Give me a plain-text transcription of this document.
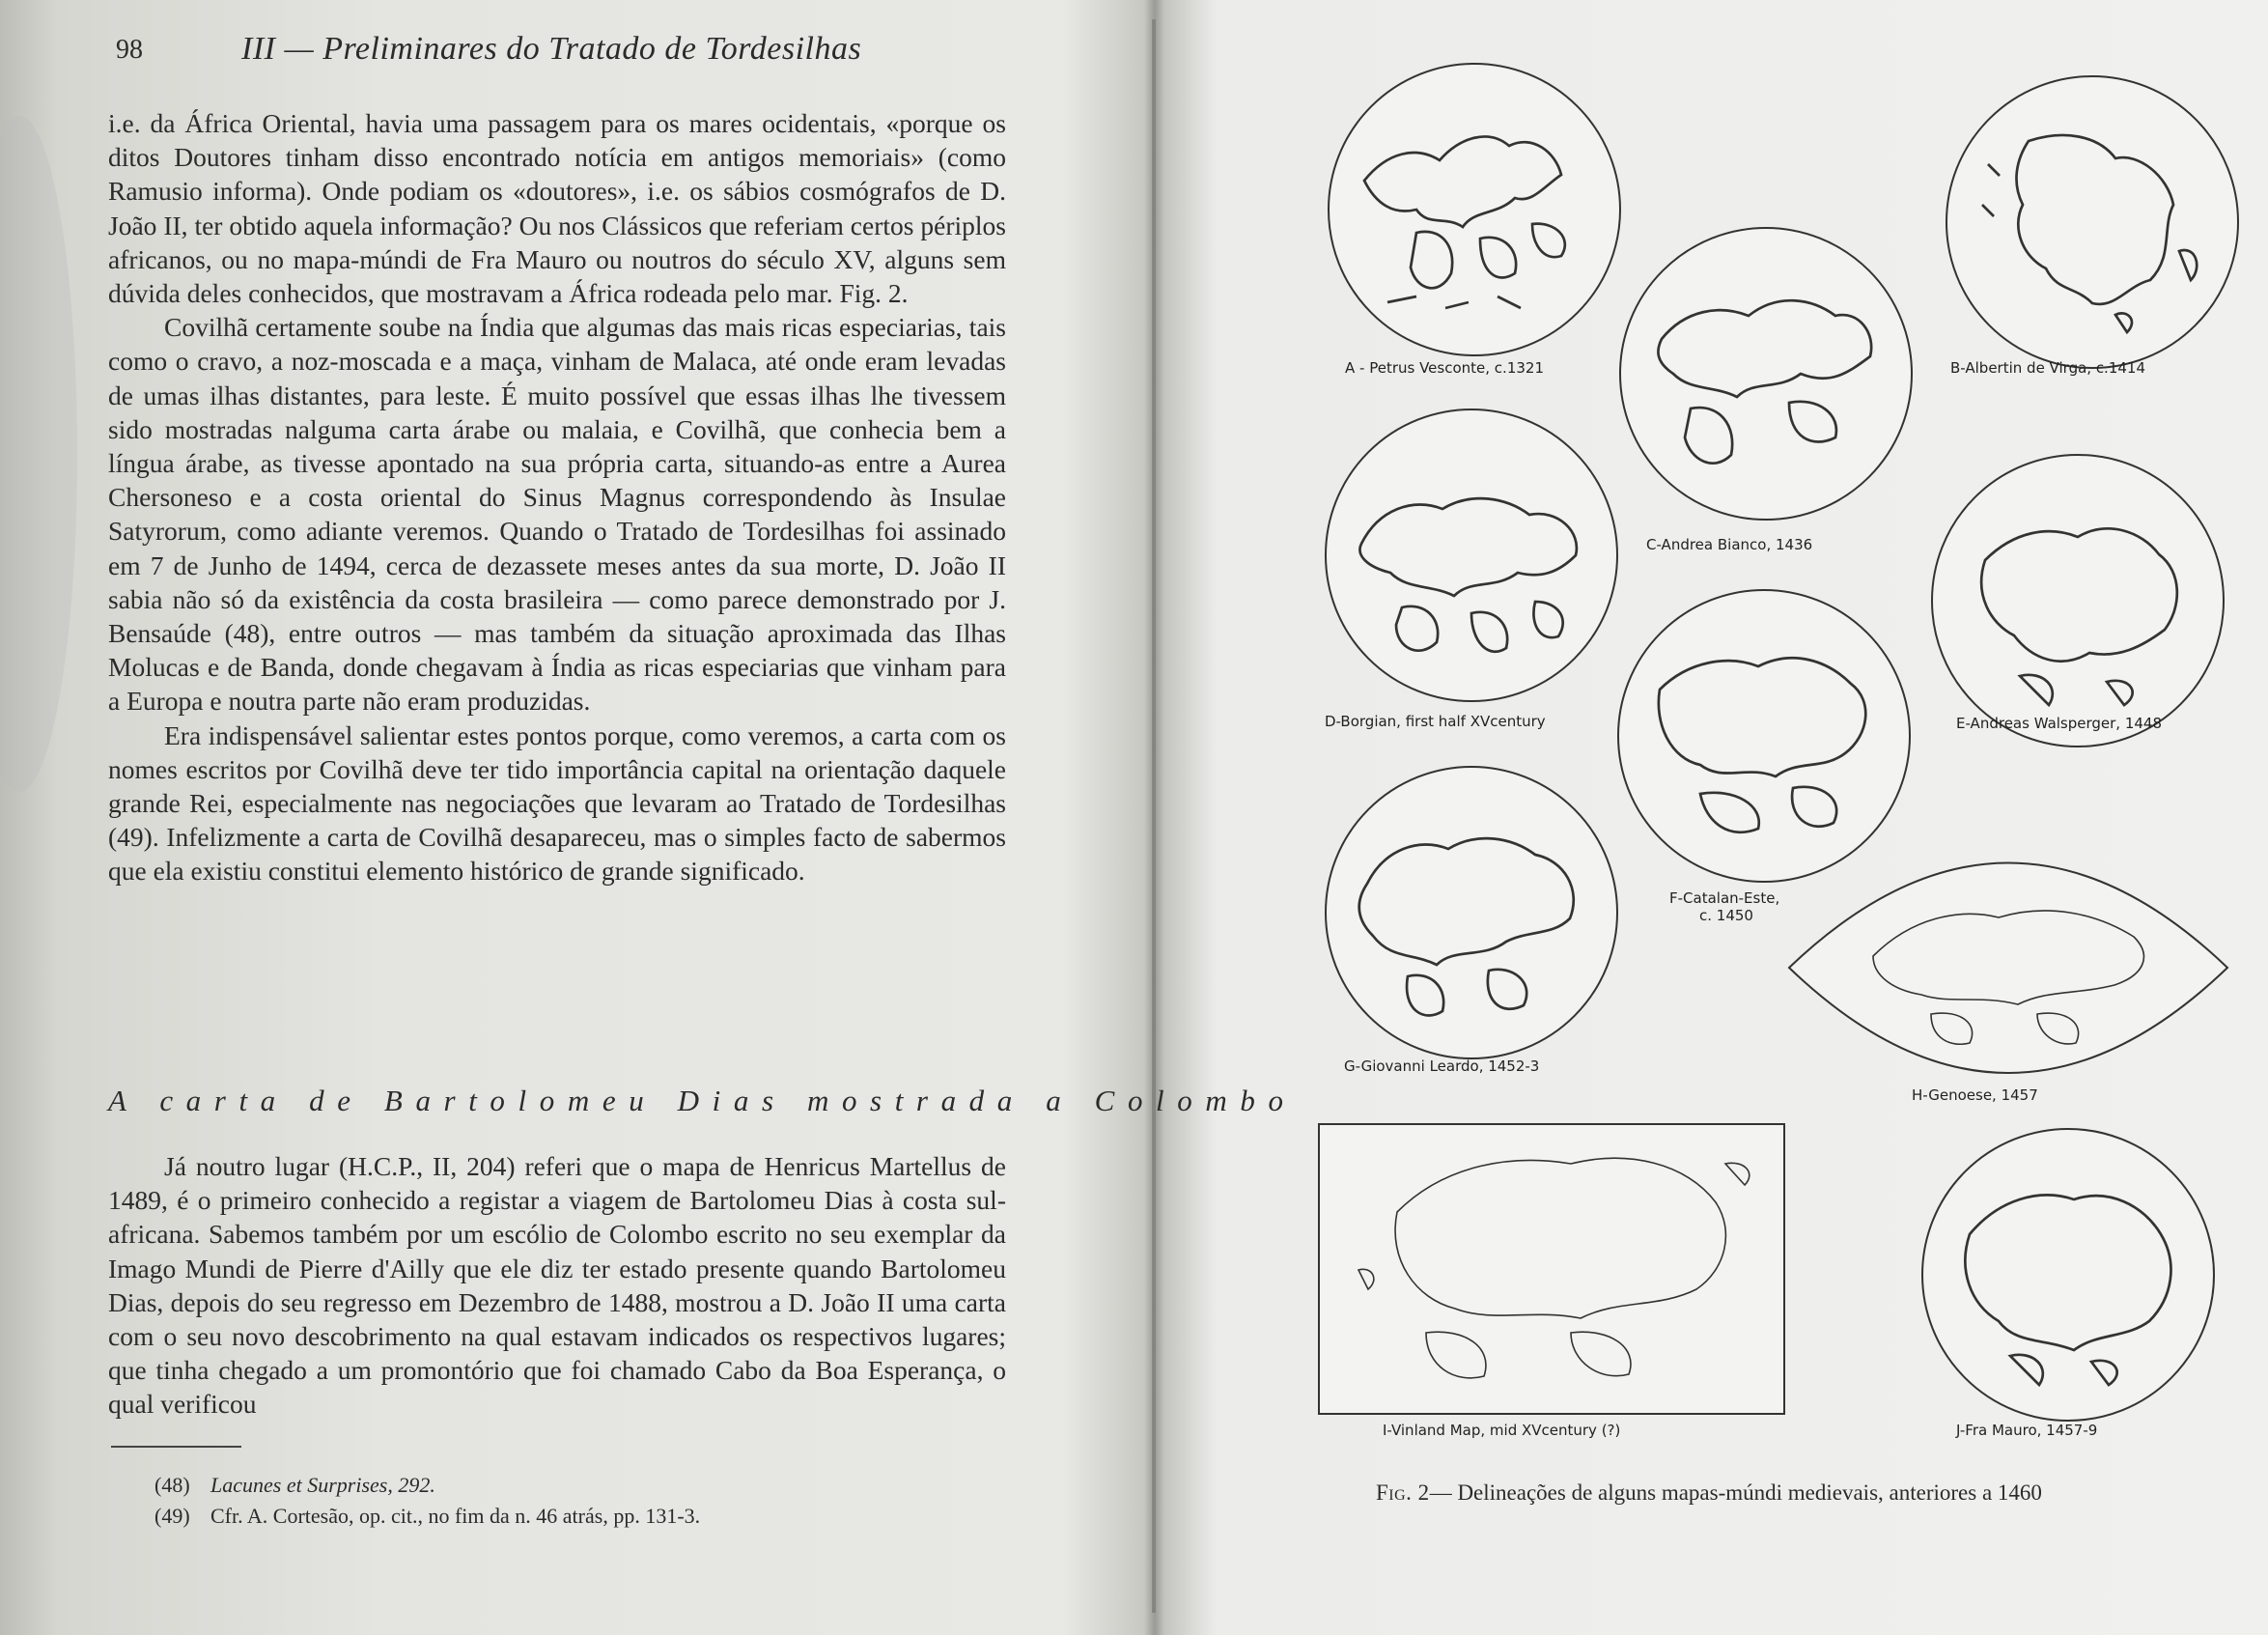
98	III — Preliminares do Tratado de Tordesilhas

i.e. da África Oriental, havia uma passagem para os mares ocidentais, «porque os ditos Doutores tinham disso encontrado notícia em antigos memoriais» (como Ramusio informa). Onde podiam os «doutores», i.e. os sábios cosmógrafos de D. João II, ter obtido aquela informação? Ou nos Clássicos que referiam certos périplos africanos, ou no mapa-múndi de Fra Mauro ou noutros do século XV, alguns sem dúvida deles conhecidos, que mostravam a África rodeada pelo mar. Fig. 2.

Covilhã certamente soube na Índia que algumas das mais ricas especiarias, tais como o cravo, a noz-moscada e a maça, vinham de Malaca, até onde eram levadas de umas ilhas distantes, para leste. É muito possível que essas ilhas lhe tivessem sido mostradas nalguma carta árabe ou malaia, e Covilhã, que conhecia bem a língua árabe, as tivesse apontado na sua própria carta, situando-as entre a Aurea Chersoneso e a costa oriental do Sinus Magnus correspondendo às Insulae Satyrorum, como adiante veremos. Quando o Tratado de Tordesilhas foi assinado em 7 de Junho de 1494, cerca de dezassete meses antes da sua morte, D. João II sabia não só da existência da costa brasileira — como parece demonstrado por J. Bensaúde (48), entre outros — mas também da situação aproximada das Ilhas Molucas e de Banda, donde chegavam à Índia as ricas especiarias que vinham para a Europa e noutra parte não eram produzidas.

Era indispensável salientar estes pontos porque, como veremos, a carta com os nomes escritos por Covilhã deve ter tido importância capital na orientação daquele grande Rei, especialmente nas negociações que levaram ao Tratado de Tordesilhas (49). Infelizmente a carta de Covilhã desapareceu, mas o simples facto de sabermos que ela existiu constitui elemento histórico de grande significado.

A carta de Bartolomeu Dias mostrada a Colombo

Já noutro lugar (H.C.P., II, 204) referi que o mapa de Henricus Martellus de 1489, é o primeiro conhecido a registar a viagem de Bartolomeu Dias à costa sul-africana. Sabemos também por um escólio de Colombo escrito no seu exemplar da Imago Mundi de Pierre d'Ailly que ele diz ter estado presente quando Bartolomeu Dias, depois do seu regresso em Dezembro de 1488, mostrou a D. João II uma carta com o seu novo descobrimento na qual estavam indicados os respectivos lugares; que tinha chegado a um promontório que foi chamado Cabo da Boa Esperança, o qual verificou

(48) Lacunes et Surprises, 292.
(49) Cfr. A. Cortesão, op. cit., no fim da n. 46 atrás, pp. 131-3.
A - Petrus Vesconte, c.1321	B-Albertin de Virga, c.1414
C-Andrea Bianco, 1436
D-Borgian, first half XVcentury	E-Andreas Walsperger, 1448
F-Catalan-Este,
c. 1450
G-Giovanni Leardo, 1452-3
H-Genoese, 1457
I-Vinland Map, mid XVcentury (?)	J-Fra Mauro, 1457-9
Fig. 2— Delineações de alguns mapas-múndi medievais, anteriores a 1460
